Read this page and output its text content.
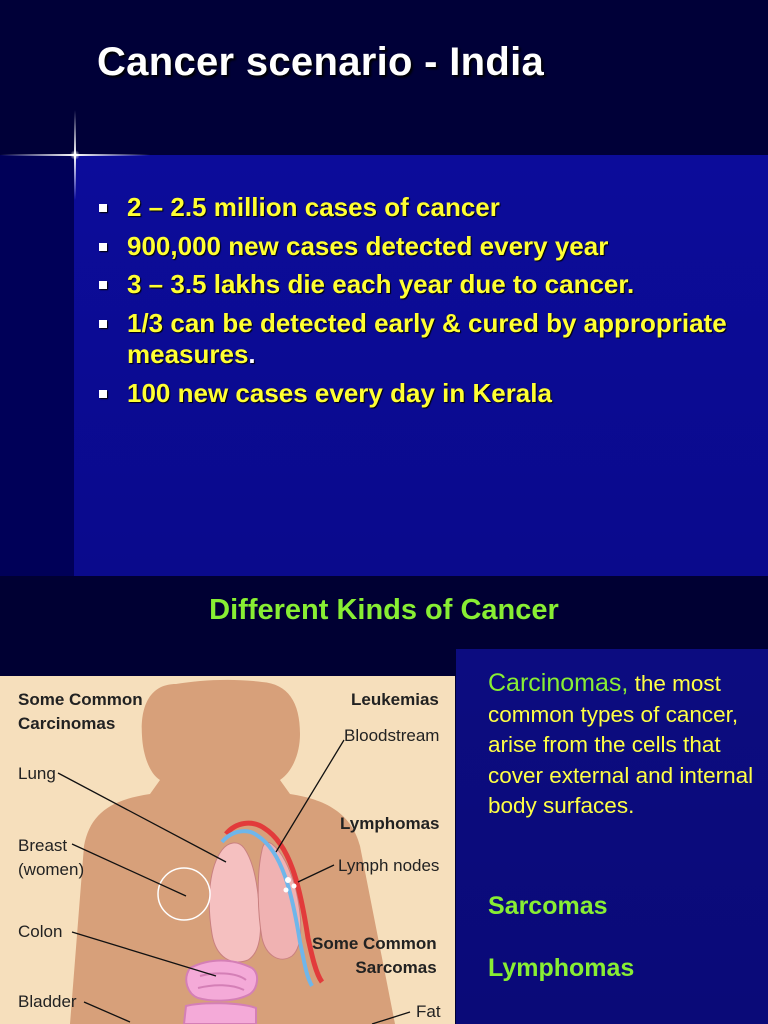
Cancer scenario - India
2 – 2.5 million cases of cancer
900,000 new cases detected every year
3 – 3.5 lakhs die each year due to cancer.
1/3 can be detected early & cured by appropriate measures.
100 new cases every day in Kerala
Different Kinds of Cancer
Some Common
Carcinomas
Lung
Breast
(women)
Colon
Bladder
Leukemias
Bloodstream
Lymphomas
Lymph nodes
Some Common
Sarcomas
Fat

Carcinomas, the most common types of cancer, arise from the cells that cover external and internal body surfaces.

Sarcomas
Lymphomas
